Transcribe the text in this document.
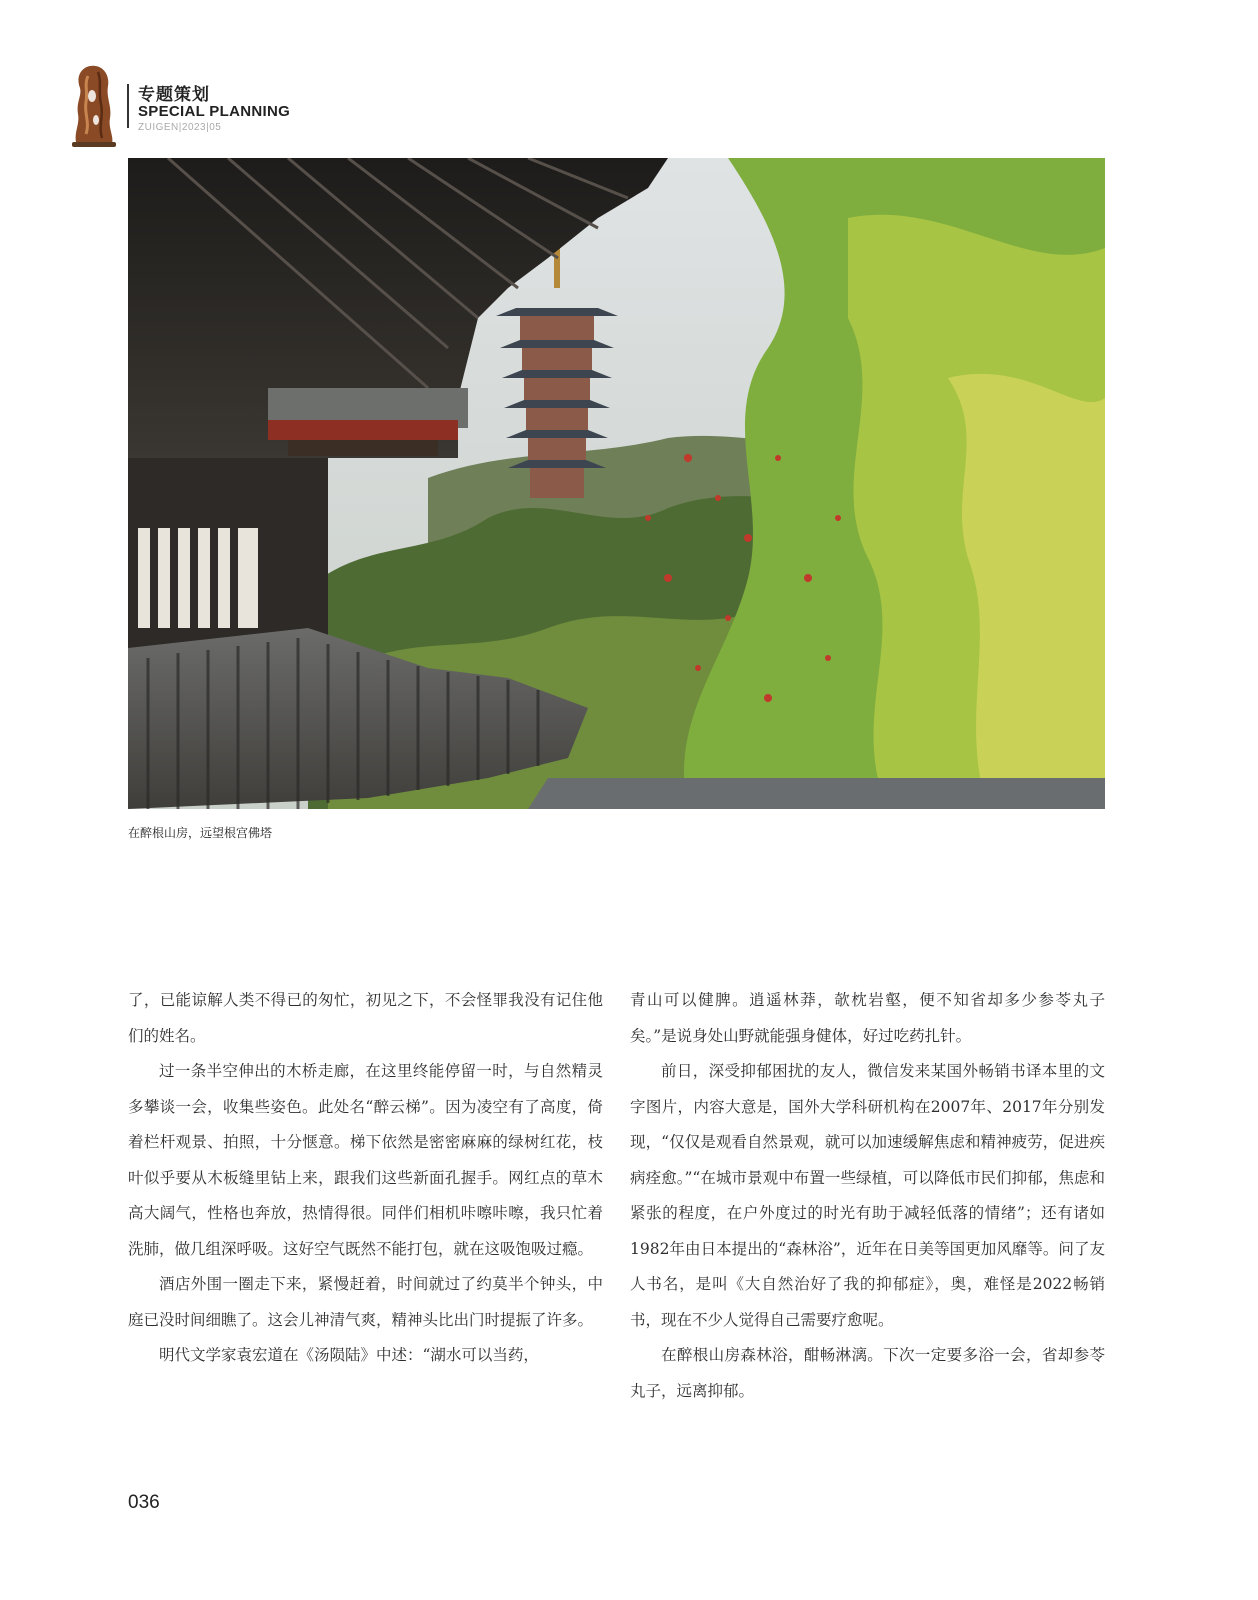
专题策划
SPECIAL PLANNING
ZUIGEN|2023|05
在醉根山房，远望根宫佛塔

了，已能谅解人类不得已的匆忙，初见之下，不会怪罪我没有记住他们的姓名。

过一条半空伸出的木桥走廊，在这里终能停留一时，与自然精灵多攀谈一会，收集些姿色。此处名“醉云梯”。因为凌空有了高度，倚着栏杆观景、拍照，十分惬意。梯下依然是密密麻麻的绿树红花，枝叶似乎要从木板缝里钻上来，跟我们这些新面孔握手。网红点的草木高大阔气，性格也奔放，热情得很。同伴们相机咔嚓咔嚓，我只忙着洗肺，做几组深呼吸。这好空气既然不能打包，就在这吸饱吸过瘾。

酒店外围一圈走下来，紧慢赶着，时间就过了约莫半个钟头，中庭已没时间细瞧了。这会儿神清气爽，精神头比出门时提振了许多。

明代文学家袁宏道在《汤陨陆》中述：“湖水可以当药，

青山可以健脾。逍遥林莽，欹枕岩壑，便不知省却多少参苓丸子矣。”是说身处山野就能强身健体，好过吃药扎针。

前日，深受抑郁困扰的友人，微信发来某国外畅销书译本里的文字图片，内容大意是，国外大学科研机构在2007年、2017年分别发现，“仅仅是观看自然景观，就可以加速缓解焦虑和精神疲劳，促进疾病痊愈。”“在城市景观中布置一些绿植，可以降低市民们抑郁，焦虑和紧张的程度，在户外度过的时光有助于减轻低落的情绪”；还有诸如1982年由日本提出的“森林浴”，近年在日美等国更加风靡等。问了友人书名，是叫《大自然治好了我的抑郁症》，奥，难怪是2022畅销书，现在不少人觉得自己需要疗愈呢。

在醉根山房森林浴，酣畅淋漓。下次一定要多浴一会，省却参苓丸子，远离抑郁。

036
